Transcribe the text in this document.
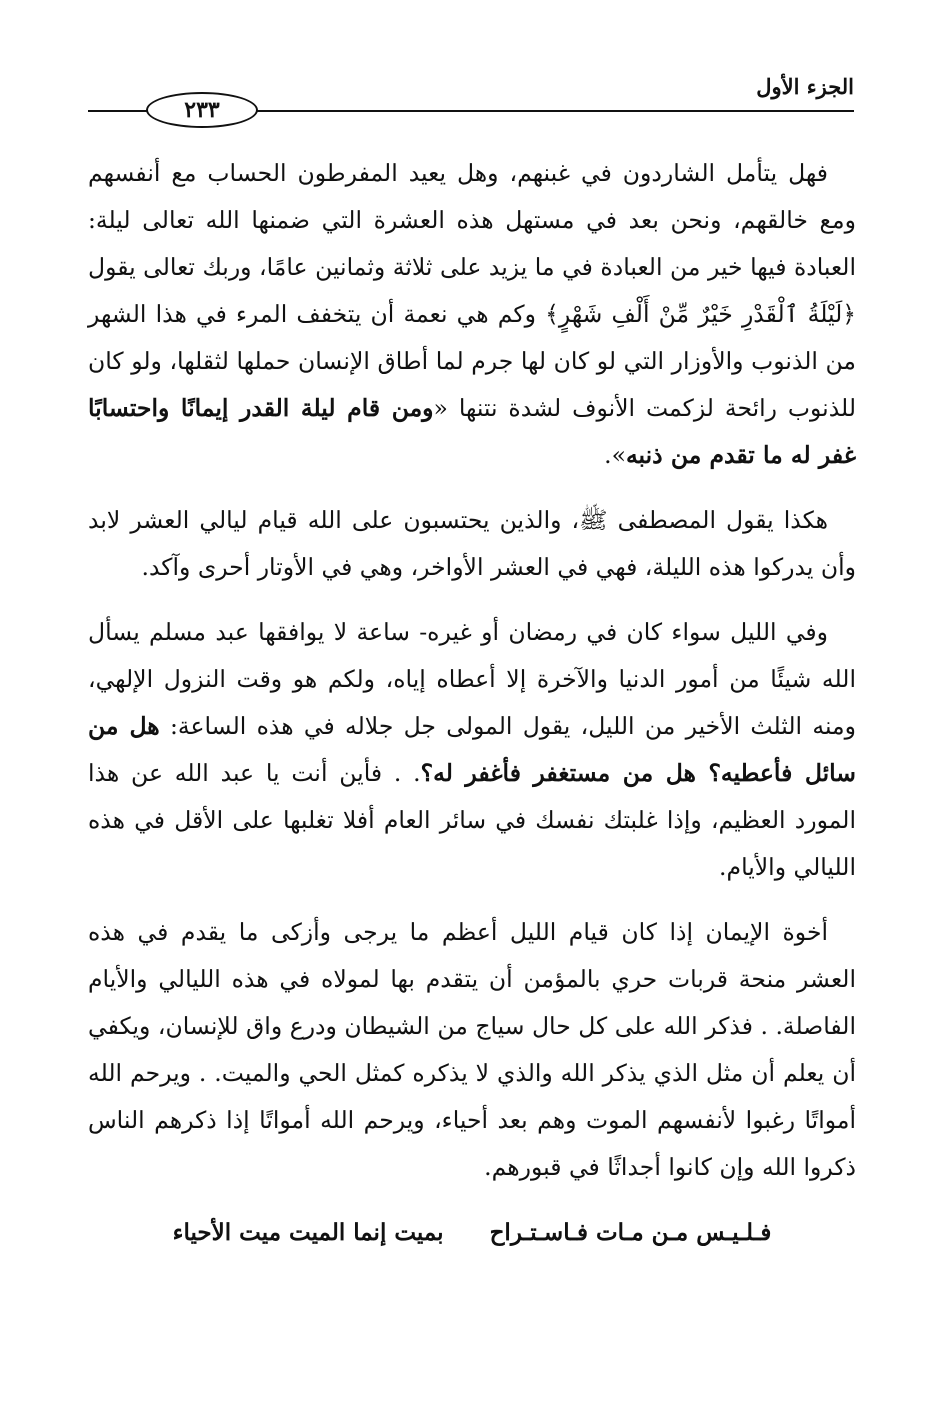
٢٣٣
الجزء الأول

فهل يتأمل الشاردون في غبنهم، وهل يعيد المفرطون الحساب مع أنفسهم ومع خالقهم، ونحن بعد في مستهل هذه العشرة التي ضمنها الله تعالى ليلة: العبادة فيها خير من العبادة في ما يزيد على ثلاثة وثمانين عامًا، وربك تعالى يقول ﴿لَيْلَةُ ٱلْقَدْرِ خَيْرٌ مِّنْ أَلْفِ شَهْرٍ﴾ وكم هي نعمة أن يتخفف المرء في هذا الشهر من الذنوب والأوزار التي لو كان لها جرم لما أطاق الإنسان حملها لثقلها، ولو كان للذنوب رائحة لزكمت الأنوف لشدة نتنها «ومن قام ليلة القدر إيمانًا واحتسابًا غفر له ما تقدم من ذنبه».

هكذا يقول المصطفى ﷺ، والذين يحتسبون على الله قيام ليالي العشر لابد وأن يدركوا هذه الليلة، فهي في العشر الأواخر، وهي في الأوتار أحرى وآكد.

وفي الليل سواء كان في رمضان أو غيره- ساعة لا يوافقها عبد مسلم يسأل الله شيئًا من أمور الدنيا والآخرة إلا أعطاه إياه، ولكم هو وقت النزول الإلهي، ومنه الثلث الأخير من الليل، يقول المولى جل جلاله في هذه الساعة: هل من سائل فأعطيه؟ هل من مستغفر فأغفر له؟. . فأين أنت يا عبد الله عن هذا المورد العظيم، وإذا غلبتك نفسك في سائر العام أفلا تغلبها على الأقل في هذه الليالي والأيام.

أخوة الإيمان إذا كان قيام الليل أعظم ما يرجى وأزكى ما يقدم في هذه العشر منحة قربات حري بالمؤمن أن يتقدم بها لمولاه في هذه الليالي والأيام الفاصلة. . فذكر الله على كل حال سياج من الشيطان ودرع واق للإنسان، ويكفي أن يعلم أن مثل الذي يذكر الله والذي لا يذكره كمثل الحي والميت. . ويرحم الله أمواتًا رغبوا لأنفسهم الموت وهم بعد أحياء، ويرحم الله أمواتًا إذا ذكرهم الناس ذكروا الله وإن كانوا أجداثًا في قبورهم.

فـلـيـس مـن مـات فـاسـتـراح
بميت إنما الميت ميت الأحياء
